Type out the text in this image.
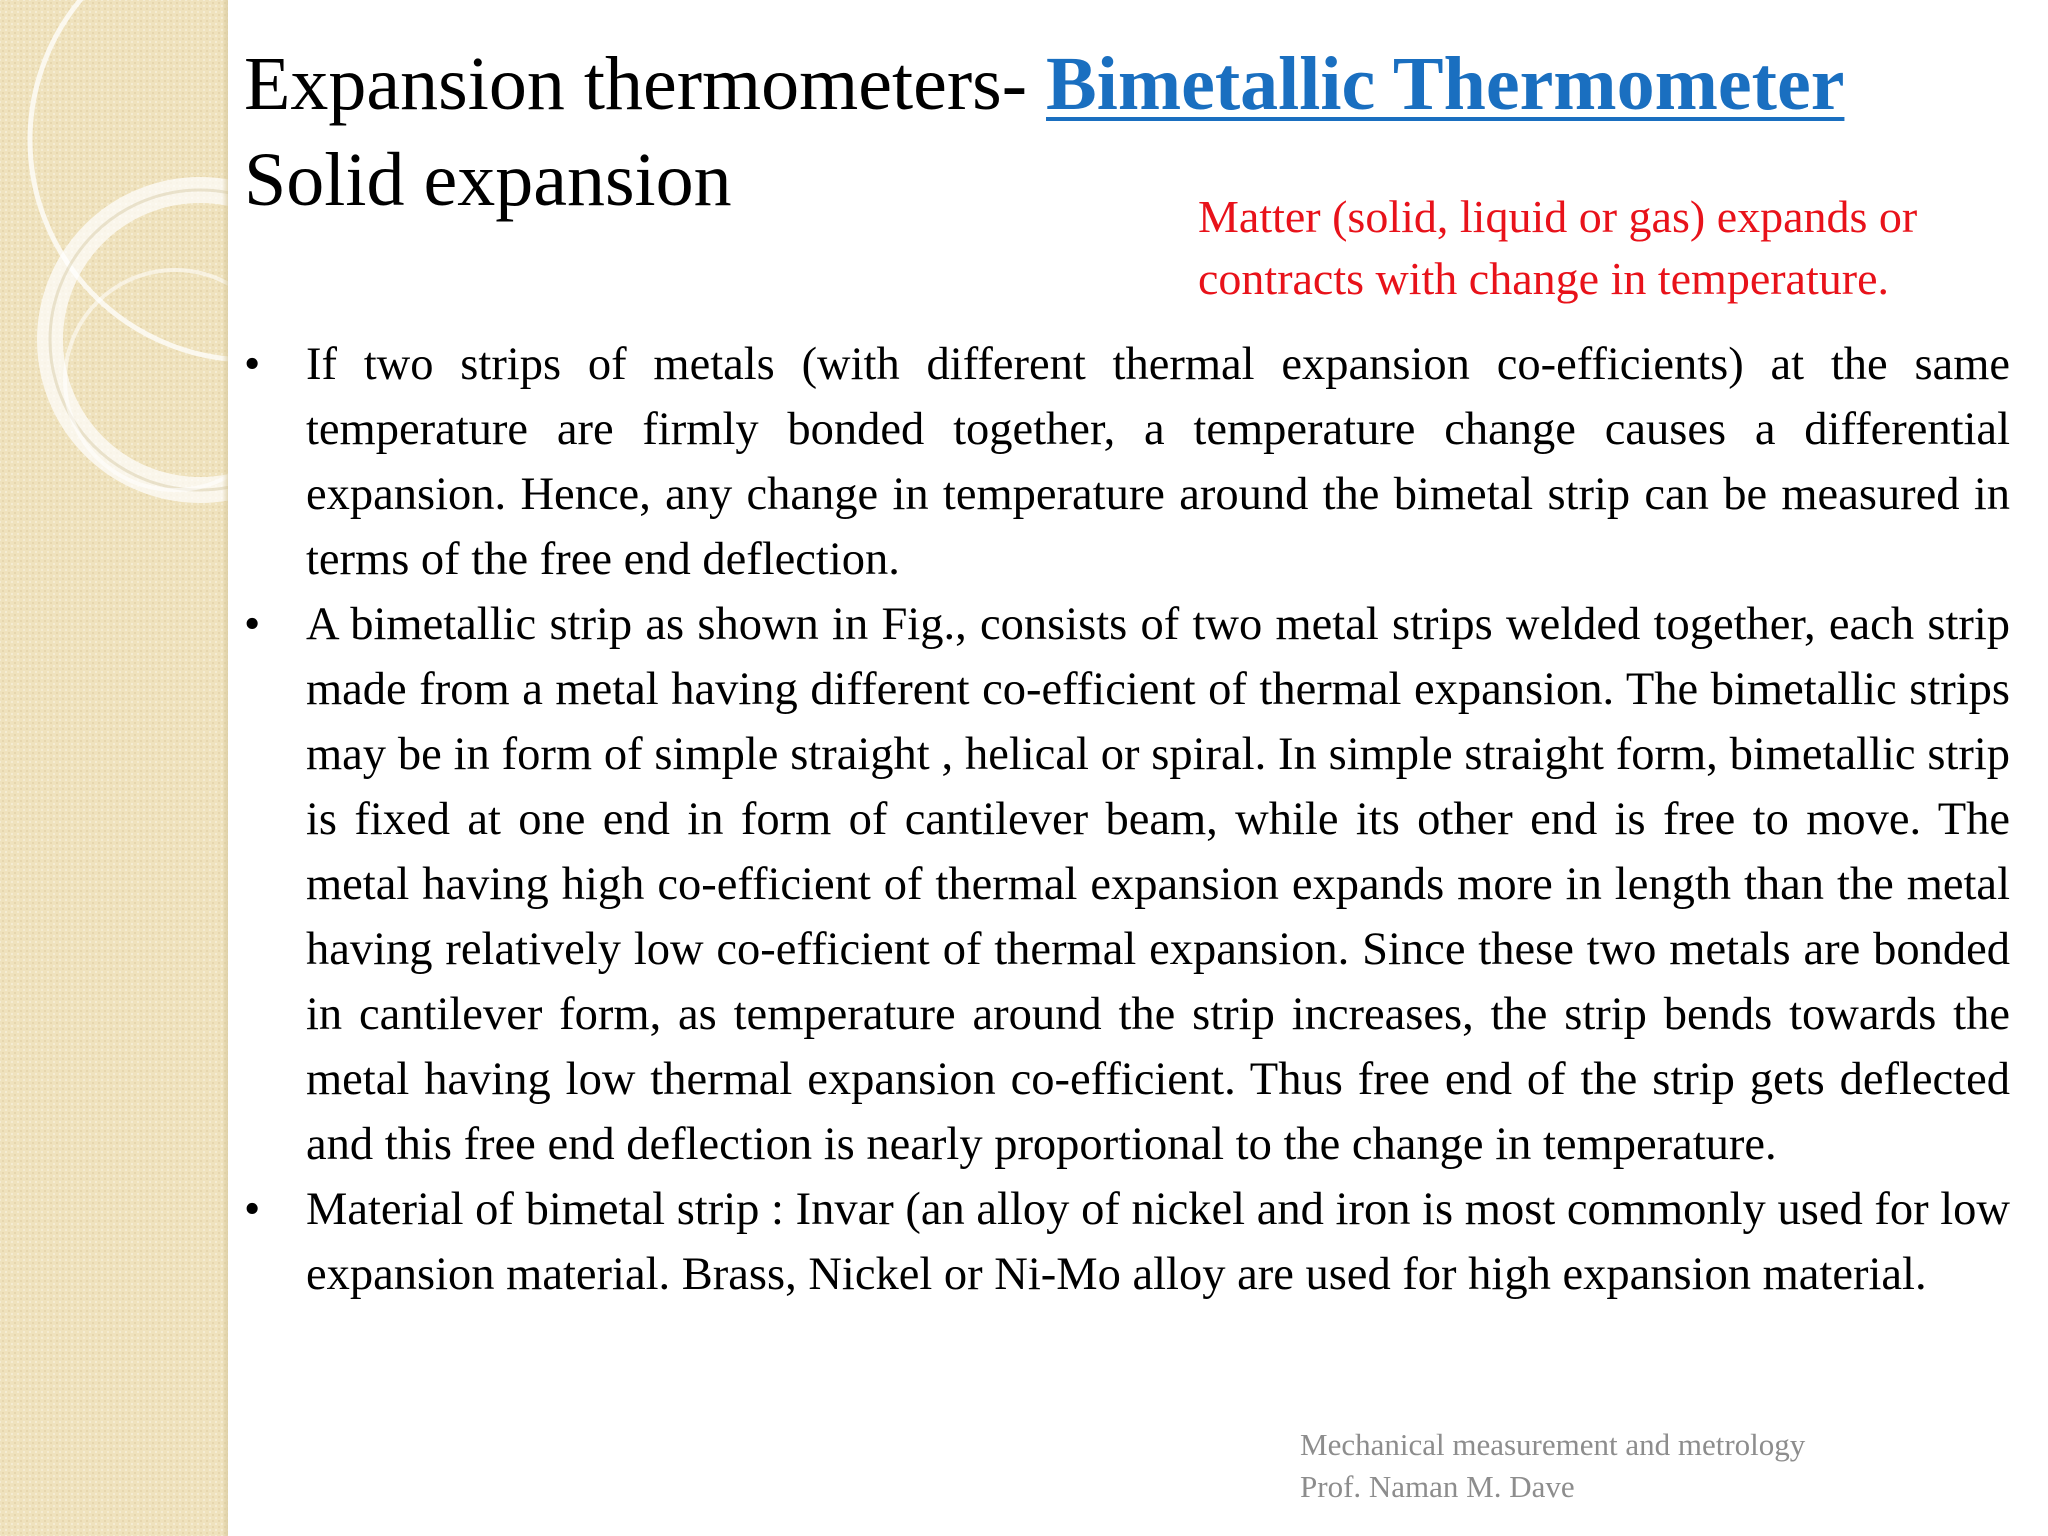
Expansion thermometers- Bimetallic Thermometer
Solid expansion	Matter (solid, liquid or gas) expands or
contracts with change in temperature.
• If two strips of metals (with different thermal expansion co-efficients) at the same temperature are firmly bonded together, a temperature change causes a differential expansion. Hence, any change in temperature around the bimetal strip can be measured in terms of the free end deflection.
• A bimetallic strip as shown in Fig., consists of two metal strips welded together, each strip made from a metal having different co-efficient of thermal expansion. The bimetallic strips may be in form of simple straight , helical or spiral. In simple straight form, bimetallic strip is fixed at one end in form of cantilever beam, while its other end is free to move. The metal having high co-efficient of thermal expansion expands more in length than the metal having relatively low co-efficient of thermal expansion. Since these two metals are bonded in cantilever form, as temperature around the strip increases, the strip bends towards the metal having low thermal expansion co-efficient. Thus free end of the strip gets deflected and this free end deflection is nearly proportional to the change in temperature.
• Material of bimetal strip : Invar (an alloy of nickel and iron is most commonly used for low expansion material. Brass, Nickel or Ni-Mo alloy are used for high expansion material.
Mechanical measurement and metrology
Prof. Naman M. Dave
